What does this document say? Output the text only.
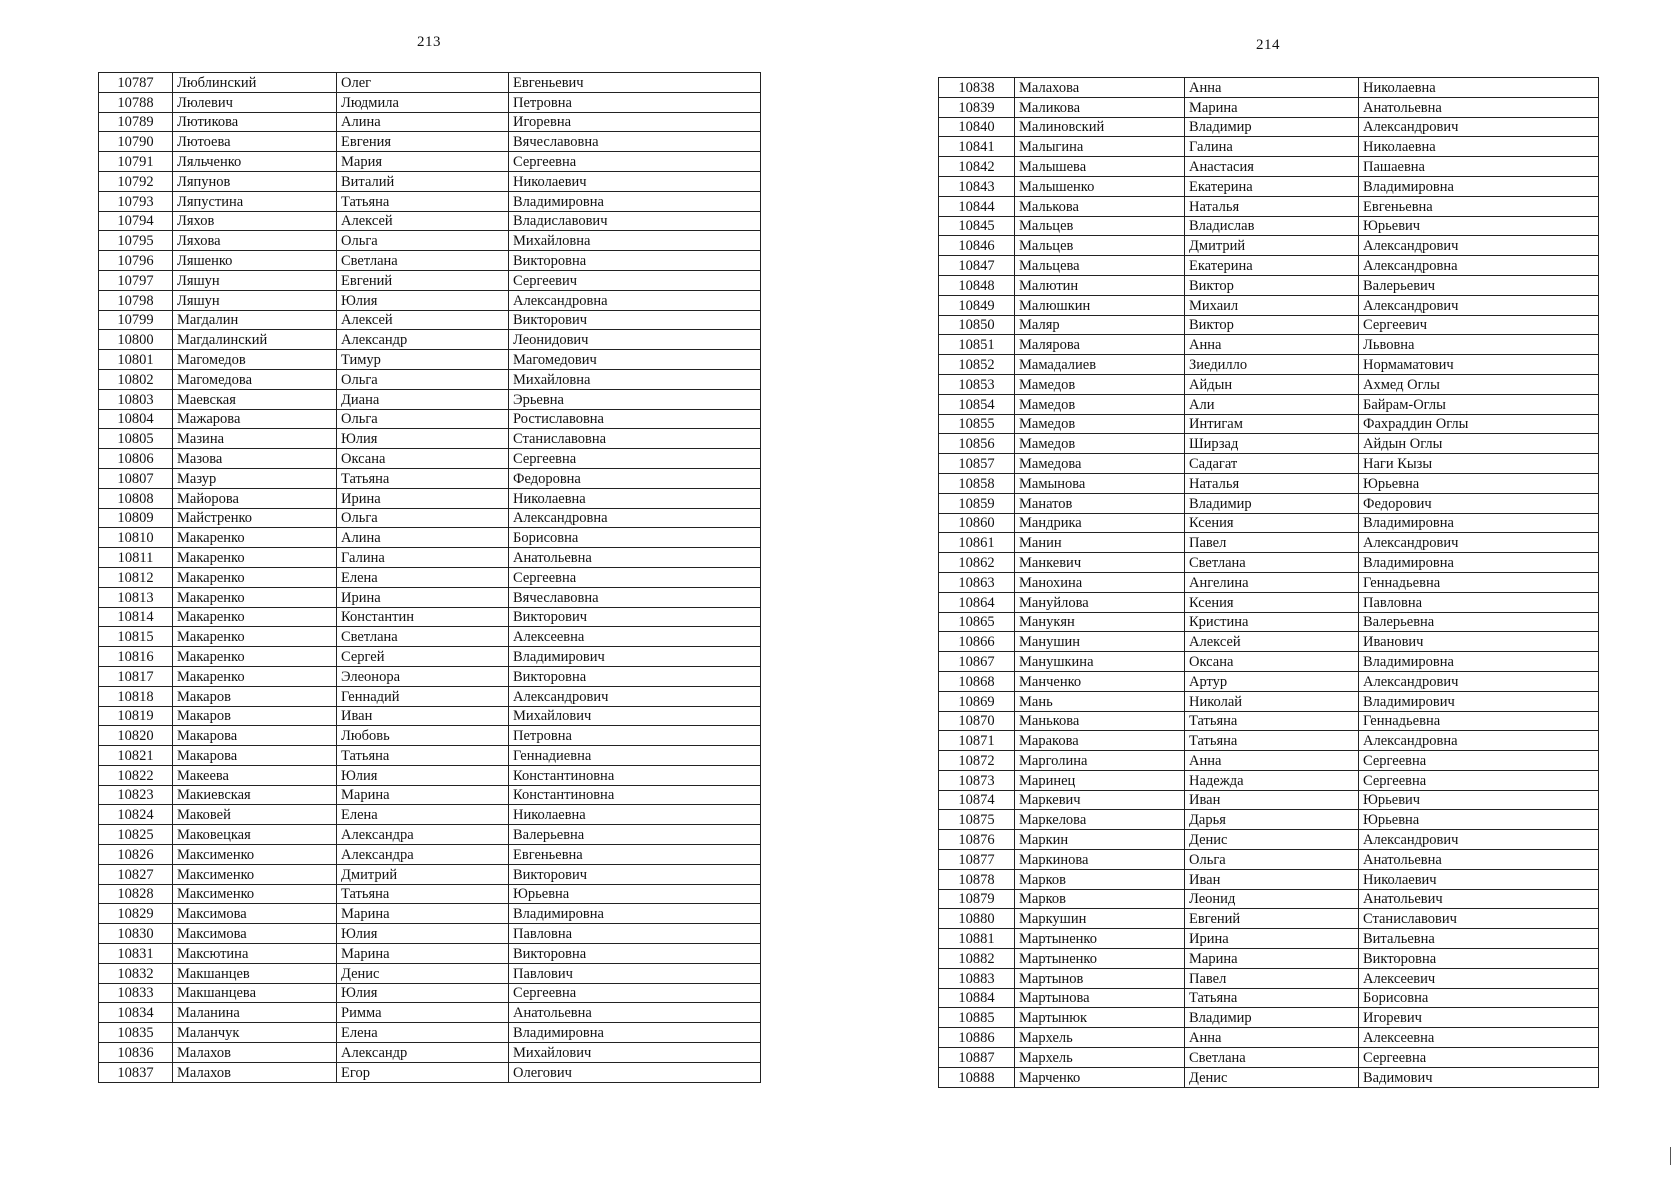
213
10787	Люблинский	Олег	Евгеньевич
10788	Люлевич	Людмила	Петровна
10789	Лютикова	Алина	Игоревна
10790	Лютоева	Евгения	Вячеславовна
10791	Ляльченко	Мария	Сергеевна
10792	Ляпунов	Виталий	Николаевич
10793	Ляпустина	Татьяна	Владимировна
10794	Ляхов	Алексей	Владиславович
10795	Ляхова	Ольга	Михайловна
10796	Ляшенко	Светлана	Викторовна
10797	Ляшун	Евгений	Сергеевич
10798	Ляшун	Юлия	Александровна
10799	Магдалин	Алексей	Викторович
10800	Магдалинский	Александр	Леонидович
10801	Магомедов	Тимур	Магомедович
10802	Магомедова	Ольга	Михайловна
10803	Маевская	Диана	Эрьевна
10804	Мажарова	Ольга	Ростиславовна
10805	Мазина	Юлия	Станиславовна
10806	Мазова	Оксана	Сергеевна
10807	Мазур	Татьяна	Федоровна
10808	Майорова	Ирина	Николаевна
10809	Майстренко	Ольга	Александровна
10810	Макаренко	Алина	Борисовна
10811	Макаренко	Галина	Анатольевна
10812	Макаренко	Елена	Сергеевна
10813	Макаренко	Ирина	Вячеславовна
10814	Макаренко	Константин	Викторович
10815	Макаренко	Светлана	Алексеевна
10816	Макаренко	Сергей	Владимирович
10817	Макаренко	Элеонора	Викторовна
10818	Макаров	Геннадий	Александрович
10819	Макаров	Иван	Михайлович
10820	Макарова	Любовь	Петровна
10821	Макарова	Татьяна	Геннадиевна
10822	Макеева	Юлия	Константиновна
10823	Макиевская	Марина	Константиновна
10824	Маковей	Елена	Николаевна
10825	Маковецкая	Александра	Валерьевна
10826	Максименко	Александра	Евгеньевна
10827	Максименко	Дмитрий	Викторович
10828	Максименко	Татьяна	Юрьевна
10829	Максимова	Марина	Владимировна
10830	Максимова	Юлия	Павловна
10831	Максютина	Марина	Викторовна
10832	Макшанцев	Денис	Павлович
10833	Макшанцева	Юлия	Сергеевна
10834	Маланина	Римма	Анатольевна
10835	Маланчук	Елена	Владимировна
10836	Малахов	Александр	Михайлович
10837	Малахов	Егор	Олегович
214
10838	Малахова	Анна	Николаевна
10839	Маликова	Марина	Анатольевна
10840	Малиновский	Владимир	Александрович
10841	Малыгина	Галина	Николаевна
10842	Малышева	Анастасия	Пашаевна
10843	Малышенко	Екатерина	Владимировна
10844	Малькова	Наталья	Евгеньевна
10845	Мальцев	Владислав	Юрьевич
10846	Мальцев	Дмитрий	Александрович
10847	Мальцева	Екатерина	Александровна
10848	Малютин	Виктор	Валерьевич
10849	Малюшкин	Михаил	Александрович
10850	Маляр	Виктор	Сергеевич
10851	Малярова	Анна	Львовна
10852	Мамадалиев	Зиедилло	Нормаматович
10853	Мамедов	Айдын	Ахмед Оглы
10854	Мамедов	Али	Байрам-Оглы
10855	Мамедов	Интигам	Фахраддин Оглы
10856	Мамедов	Ширзад	Айдын Оглы
10857	Мамедова	Садагат	Наги Кызы
10858	Мамынова	Наталья	Юрьевна
10859	Манатов	Владимир	Федорович
10860	Мандрика	Ксения	Владимировна
10861	Манин	Павел	Александрович
10862	Манкевич	Светлана	Владимировна
10863	Манохина	Ангелина	Геннадьевна
10864	Мануйлова	Ксения	Павловна
10865	Манукян	Кристина	Валерьевна
10866	Манушин	Алексей	Иванович
10867	Манушкина	Оксана	Владимировна
10868	Манченко	Артур	Александрович
10869	Мань	Николай	Владимирович
10870	Манькова	Татьяна	Геннадьевна
10871	Маракова	Татьяна	Александровна
10872	Марголина	Анна	Сергеевна
10873	Маринец	Надежда	Сергеевна
10874	Маркевич	Иван	Юрьевич
10875	Маркелова	Дарья	Юрьевна
10876	Маркин	Денис	Александрович
10877	Маркинова	Ольга	Анатольевна
10878	Марков	Иван	Николаевич
10879	Марков	Леонид	Анатольевич
10880	Маркушин	Евгений	Станиславович
10881	Мартыненко	Ирина	Витальевна
10882	Мартыненко	Марина	Викторовна
10883	Мартынов	Павел	Алексеевич
10884	Мартынова	Татьяна	Борисовна
10885	Мартынюк	Владимир	Игоревич
10886	Мархель	Анна	Алексеевна
10887	Мархель	Светлана	Сергеевна
10888	Марченко	Денис	Вадимович
